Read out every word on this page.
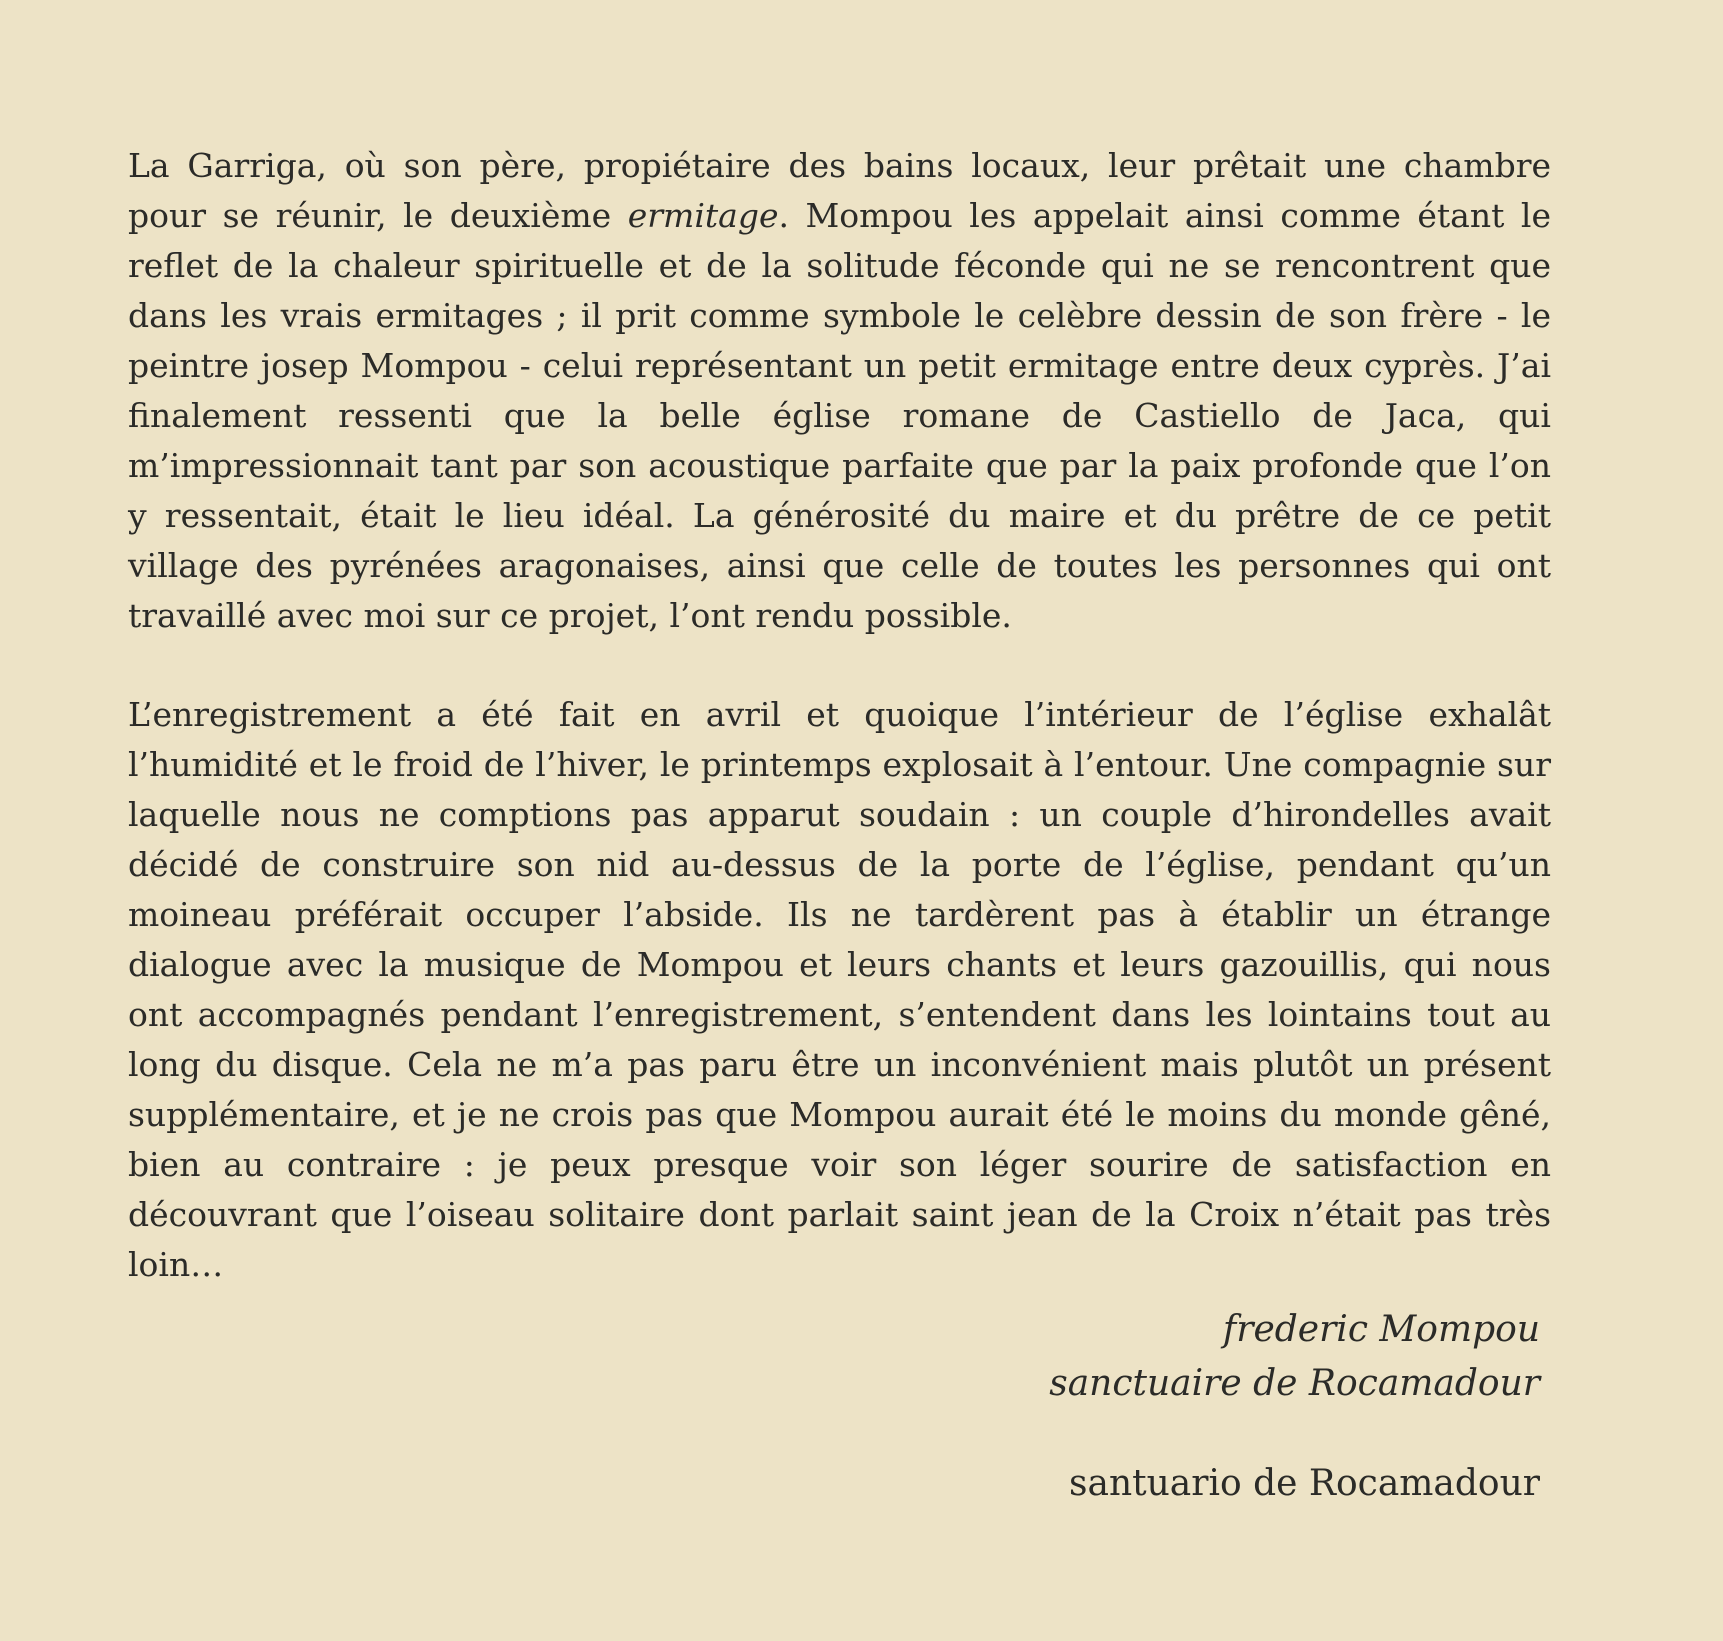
La Garriga, où son père, propiétaire des bains locaux, leur prêtait une chambre pour se réunir, le deuxième ermitage. Mompou les appelait ainsi comme étant le reflet de la chaleur spirituelle et de la solitude féconde qui ne se rencontrent que dans les vrais ermitages ; il prit comme symbole le celèbre dessin de son frère - le peintre josep Mompou - celui représentant un petit ermitage entre deux cyprès. J’ai finalement ressenti que la belle église romane de Castiello de Jaca, qui m’impressionnait tant par son acoustique parfaite que par la paix profonde que l’on y ressentait, était le lieu idéal. La générosité du maire et du prêtre de ce petit village des pyrénées aragonaises, ainsi que celle de toutes les personnes qui ont travaillé avec moi sur ce projet, l’ont rendu possible.

L’enregistrement a été fait en avril et quoique l’intérieur de l’église exhalât l’humidité et le froid de l’hiver, le printemps explosait à l’entour. Une compagnie sur laquelle nous ne comptions pas apparut soudain : un couple d’hirondelles avait décidé de construire son nid au-dessus de la porte de l’église, pendant qu’un moineau préférait occuper l’abside. Ils ne tardèrent pas à établir un étrange dialogue avec la musique de Mompou et leurs chants et leurs gazouillis, qui nous ont accompagnés pendant l’enregistrement, s’entendent dans les lointains tout au long du disque. Cela ne m’a pas paru être un inconvénient mais plutôt un présent supplémentaire, et je ne crois pas que Mompou aurait été le moins du monde gêné, bien au contraire : je peux presque voir son léger sourire de satisfaction en découvrant que l’oiseau solitaire dont parlait saint jean de la Croix n’était pas très loin…

frederic Mompou
sanctuaire de Rocamadour
santuario de Rocamadour
